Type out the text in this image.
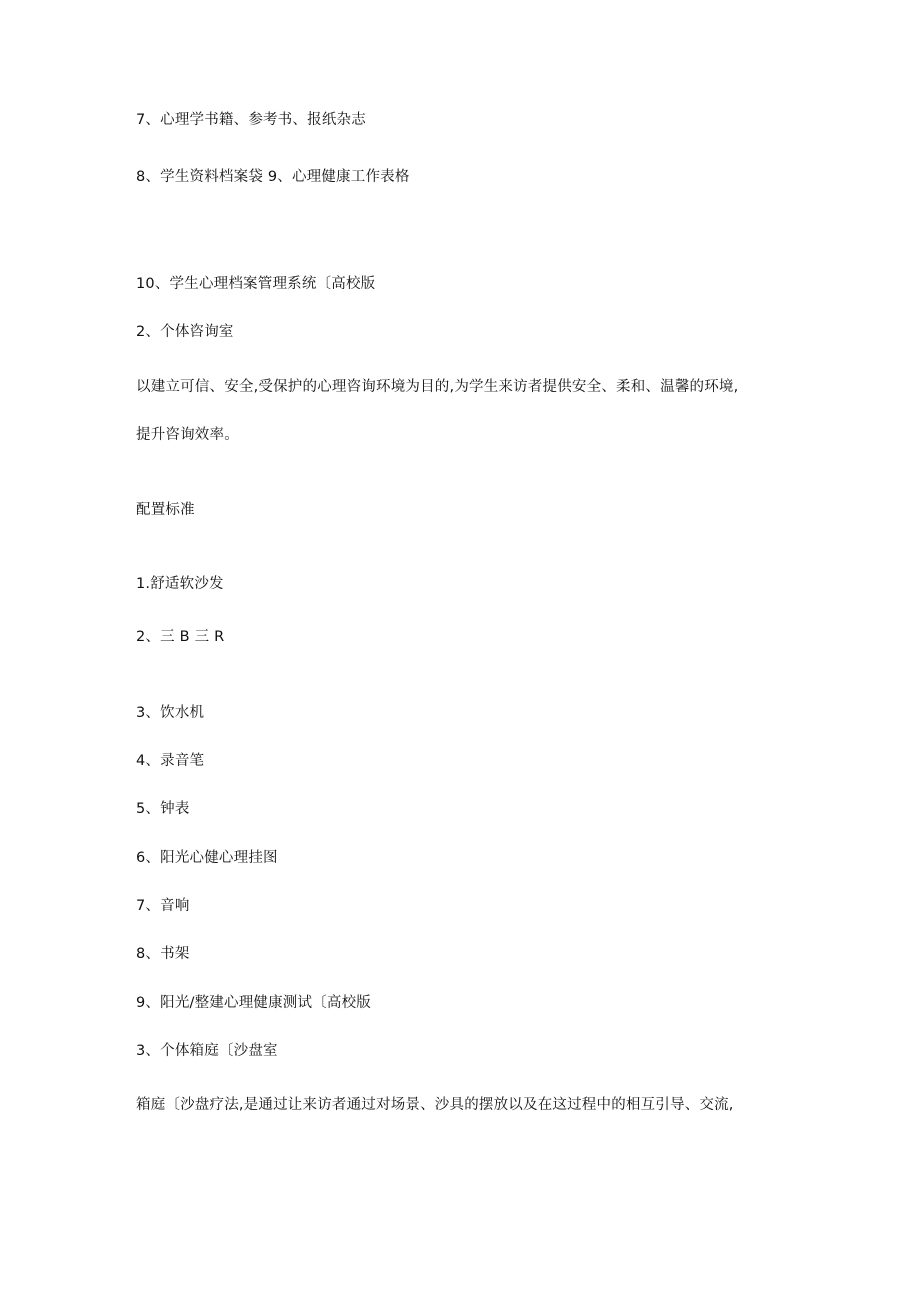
7、心理学书籍、参考书、报纸杂志
8、学生资料档案袋 9、心理健康工作表格
10、学生心理档案管理系统〔高校版
2、个体咨询室
以建立可信、安全,受保护的心理咨询环境为目的,为学生来访者提供安全、柔和、温馨的环境,
提升咨询效率。
配置标准
1.舒适软沙发
2、三 B 三 R
3、饮水机
4、录音笔
5、钟表
6、阳光心健心理挂图
7、音响
8、书架
9、阳光/整建心理健康测试〔高校版
3、个体箱庭〔沙盘室
箱庭〔沙盘疗法,是通过让来访者通过对场景、沙具的摆放以及在这过程中的相互引导、交流,
